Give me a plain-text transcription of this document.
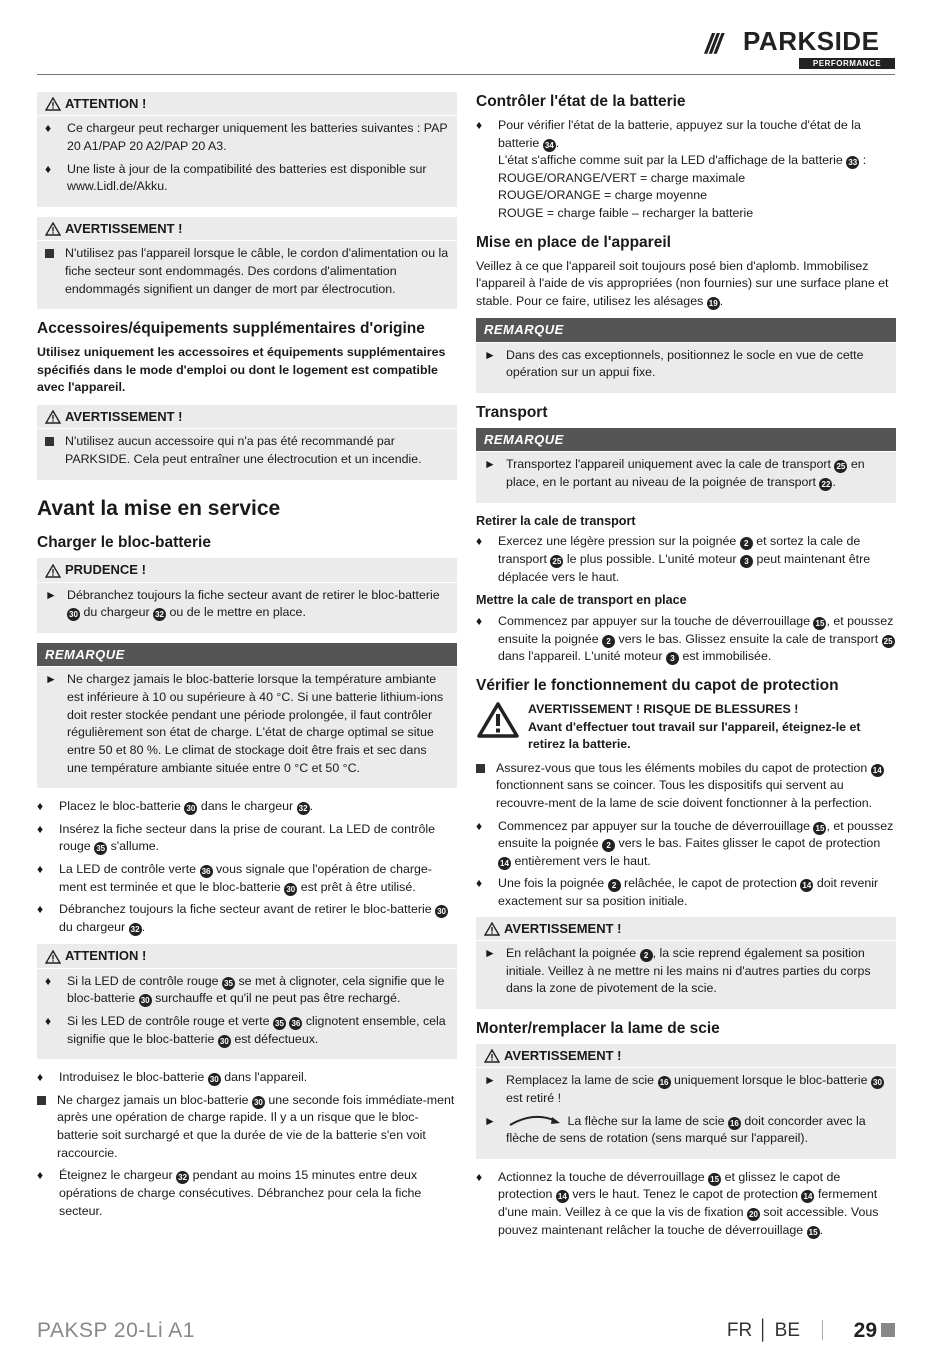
/// PARKSIDE
PERFORMANCE
ATTENTION !
♦	Ce chargeur peut recharger uniquement les batteries suivantes : PAP 20 A1/PAP 20 A2/PAP 20 A3.
♦	Une liste à jour de la compatibilité des batteries est disponible sur www.Lidl.de/Akku.
AVERTISSEMENT !
N'utilisez pas l'appareil lorsque le câble, le cordon d'alimentation ou la fiche secteur sont endommagés. Des cordons d'alimentation endommagés signifient un danger de mort par électrocution.
Accessoires/équipements supplémentaires d'origine

Utilisez uniquement les accessoires et équipements supplémentaires spécifiés dans le mode d'emploi ou dont le logement est compatible avec l'appareil.

AVERTISSEMENT !
N'utilisez aucun accessoire qui n'a pas été recommandé par PARKSIDE. Cela peut entraîner une électrocution et un incendie.
Avant la mise en service
Charger le bloc-batterie
PRUDENCE !
► Débranchez toujours la fiche secteur avant de retirer le bloc-batterie 30 du chargeur 32 ou de le mettre en place.
REMARQUE
► Ne chargez jamais le bloc-batterie lorsque la température ambiante est inférieure à 10 ou supérieure à 40 °C. Si une batterie lithium-ions doit rester stockée pendant une période prolongée, il faut contrôler régulièrement son état de charge. L'état de charge optimal se situe entre 50 et 80 %. Le climat de stockage doit être frais et sec dans une température ambiante située entre 0 °C et 50 °C.
♦	Placez le bloc-batterie 30 dans le chargeur 32 .
♦	Insérez la fiche secteur dans la prise de courant. La LED de contrôle rouge 35 s'allume.
♦	La LED de contrôle verte 36 vous signale que l'opération de charge-ment est terminée et que le bloc-batterie 30 est prêt à être utilisé.
♦	Débranchez toujours la fiche secteur avant de retirer le bloc-batterie 30 du chargeur 32 .
ATTENTION !
♦	Si la LED de contrôle rouge 35 se met à clignoter, cela signifie que le bloc-batterie 30 surchauffe et qu'il ne peut pas être rechargé.
♦	Si les LED de contrôle rouge et verte 35 36 clignotent ensemble, cela signifie que le bloc-batterie 30 est défectueux.
♦	Introduisez le bloc-batterie 30 dans l'appareil.
Ne chargez jamais un bloc-batterie 30 une seconde fois immédiate-ment après une opération de charge rapide. Il y a un risque que le bloc-batterie soit surchargé et que la durée de vie de la batterie s'en voit raccourcie.
♦	Éteignez le chargeur 32 pendant au moins 15 minutes entre deux opérations de charge consécutives. Débranchez pour cela la fiche secteur.
Contrôler l'état de la batterie
♦	Pour vérifier l'état de la batterie, appuyez sur la touche d'état de la batterie 34 .
L'état s'affiche comme suit par la LED d'affichage de la batterie 33 :
ROUGE/ORANGE/VERT = charge maximale
ROUGE/ORANGE = charge moyenne
ROUGE = charge faible – recharger la batterie
Mise en place de l'appareil

Veillez à ce que l'appareil soit toujours posé bien d'aplomb. Immobilisez l'appareil à l'aide de vis appropriées (non fournies) sur une surface plane et stable. Pour ce faire, utilisez les alésages 19 .

REMARQUE
► Dans des cas exceptionnels, positionnez le socle en vue de cette opération sur un appui fixe.
Transport
REMARQUE
► Transportez l'appareil uniquement avec la cale de transport 25 en place, en le portant au niveau de la poignée de transport 22 .
Retirer la cale de transport
♦	Exercez une légère pression sur la poignée 2 et sortez la cale de transport 25 le plus possible. L'unité moteur 3 peut maintenant être déplacée vers le haut.
Mettre la cale de transport en place
♦	Commencez par appuyer sur la touche de déverrouillage 15 , et poussez ensuite la poignée 2 vers le bas. Glissez ensuite la cale de transport 25 dans l'appareil. L'unité moteur 3 est immobilisée.
Vérifier le fonctionnement du capot de protection
AVERTISSEMENT ! RISQUE DE BLESSURES !
Avant d'effectuer tout travail sur l'appareil, éteignez-le et retirez la batterie.
Assurez-vous que tous les éléments mobiles du capot de protection 14 fonctionnent sans se coincer. Tous les dispositifs qui servent au recouvre-ment de la lame de scie doivent fonctionner à la perfection.
♦	Commencez par appuyer sur la touche de déverrouillage 15 , et poussez ensuite la poignée 2 vers le bas. Faites glisser le capot de protection 14 entièrement vers le haut.
♦	Une fois la poignée 2 relâchée, le capot de protection 14 doit revenir exactement sur sa position initiale.
AVERTISSEMENT !
► En relâchant la poignée 2 , la scie reprend également sa position initiale. Veillez à ne mettre ni les mains ni d'autres parties du corps dans la zone de pivotement de la scie.
Monter/remplacer la lame de scie
AVERTISSEMENT !
► Remplacez la lame de scie 16 uniquement lorsque le bloc-batterie 30 est retiré !
►	La flèche sur la lame de scie 16 doit concorder avec la flèche de sens de rotation (sens marqué sur l'appareil).
♦	Actionnez la touche de déverrouillage 15 et glissez le capot de protection 14 vers le haut. Tenez le capot de protection 14 fermement d'une main. Veillez à ce que la vis de fixation 20 soit accessible. Vous pouvez maintenant relâcher la touche de déverrouillage 15 .
PAKSP 20-Li A1	FR │ BE	29
